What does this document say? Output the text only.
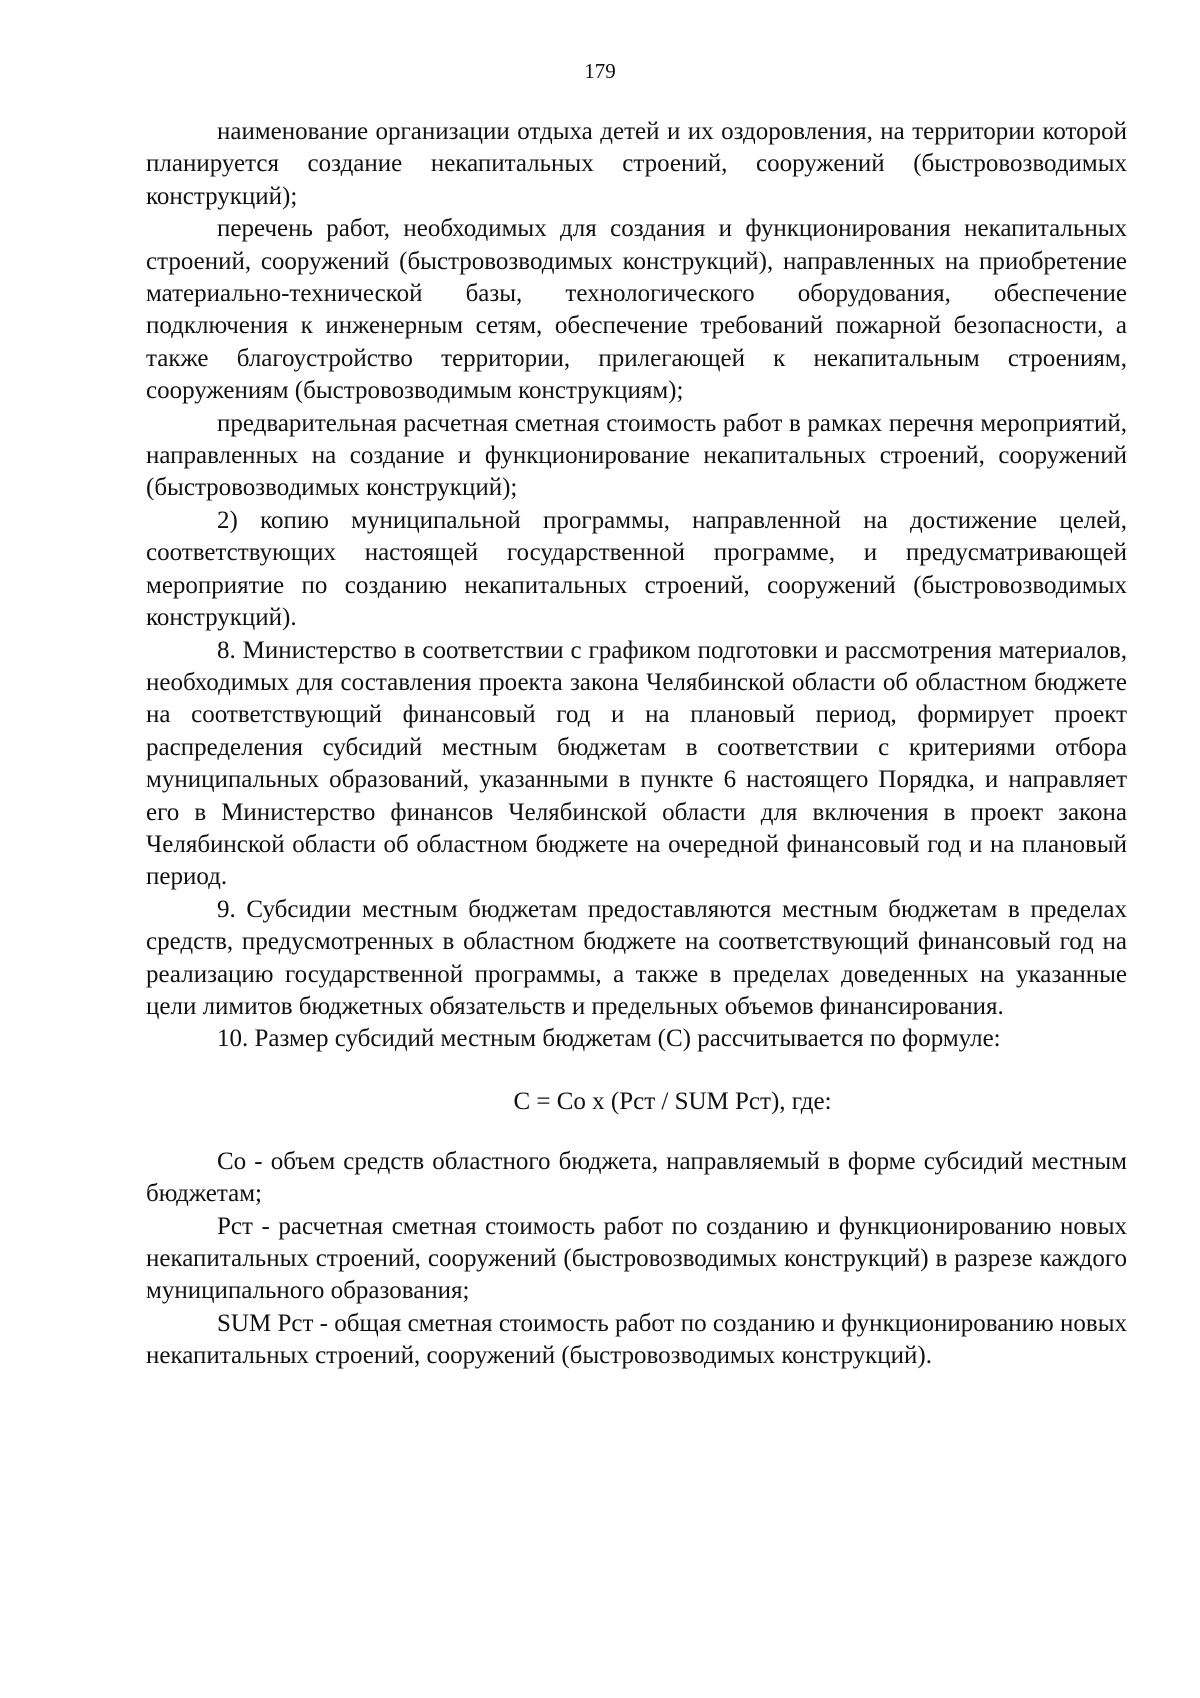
179

наименование организации отдыха детей и их оздоровления, на территории которой планируется создание некапитальных строений, сооружений (быстровозводимых конструкций);

перечень работ, необходимых для создания и функционирования некапитальных строений, сооружений (быстровозводимых конструкций), направленных на приобретение материально-технической базы, технологического оборудования, обеспечение подключения к инженерным сетям, обеспечение требований пожарной безопасности, а также благоустройство территории, прилегающей к некапитальным строениям, сооружениям (быстровозводимым конструкциям);

предварительная расчетная сметная стоимость работ в рамках перечня мероприятий, направленных на создание и функционирование некапитальных строений, сооружений (быстровозводимых конструкций);

2) копию муниципальной программы, направленной на достижение целей, соответствующих настоящей государственной программе, и предусматривающей мероприятие по созданию некапитальных строений, сооружений (быстровозводимых конструкций).

8. Министерство в соответствии с графиком подготовки и рассмотрения материалов, необходимых для составления проекта закона Челябинской области об областном бюджете на соответствующий финансовый год и на плановый период, формирует проект распределения субсидий местным бюджетам в соответствии с критериями отбора муниципальных образований, указанными в пункте 6 настоящего Порядка, и направляет его в Министерство финансов Челябинской области для включения в проект закона Челябинской области об областном бюджете на очередной финансовый год и на плановый период.

9. Субсидии местным бюджетам предоставляются местным бюджетам в пределах средств, предусмотренных в областном бюджете на соответствующий финансовый год на реализацию государственной программы, а также в пределах доведенных на указанные цели лимитов бюджетных обязательств и предельных объемов финансирования.

10. Размер субсидий местным бюджетам (С) рассчитывается по формуле:

С = Со x (Рст / SUM Рст), где:

Со - объем средств областного бюджета, направляемый в форме субсидий местным бюджетам;

Рст - расчетная сметная стоимость работ по созданию и функционированию новых некапитальных строений, сооружений (быстровозводимых конструкций) в разрезе каждого муниципального образования;

SUM Рст - общая сметная стоимость работ по созданию и функционированию новых некапитальных строений, сооружений (быстровозводимых конструкций).
